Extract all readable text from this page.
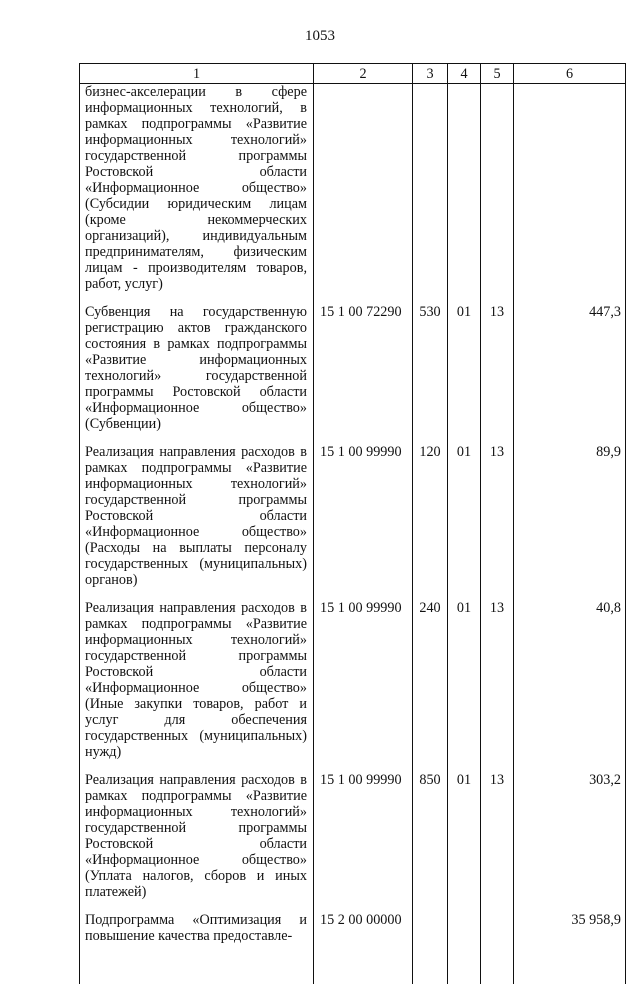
1053
1	2	3	4	5	6
бизнес-акселерации в сфере информационных технологий, в рамках подпрограммы «Развитие информационных технологий» государственной программы Ростовской области «Информационное общество» (Субсидии юридическим лицам (кроме некоммерческих организаций), индивидуальным предпринимателям, физическим лицам - производителям товаров, работ, услуг)					
Субвенция на государственную регистрацию актов гражданского состояния в рамках подпрограммы «Развитие информационных технологий» государственной программы Ростовской области «Информационное общество» (Субвенции)	15 1 00 72290	530	01	13	447,3
Реализация направления расходов в рамках подпрограммы «Развитие информационных технологий» государственной программы Ростовской области «Информационное общество» (Расходы на выплаты персоналу государственных (муниципальных) органов)	15 1 00 99990	120	01	13	89,9
Реализация направления расходов в рамках подпрограммы «Развитие информационных технологий» государственной программы Ростовской области «Информационное общество» (Иные закупки товаров, работ и услуг для обеспечения государственных (муниципальных) нужд)	15 1 00 99990	240	01	13	40,8
Реализация направления расходов в рамках подпрограммы «Развитие информационных технологий» государственной программы Ростовской области «Информационное общество» (Уплата налогов, сборов и иных платежей)	15 1 00 99990	850	01	13	303,2
Подпрограмма «Оптимизация и повышение качества предоставле-	15 2 00 00000				35 958,9
